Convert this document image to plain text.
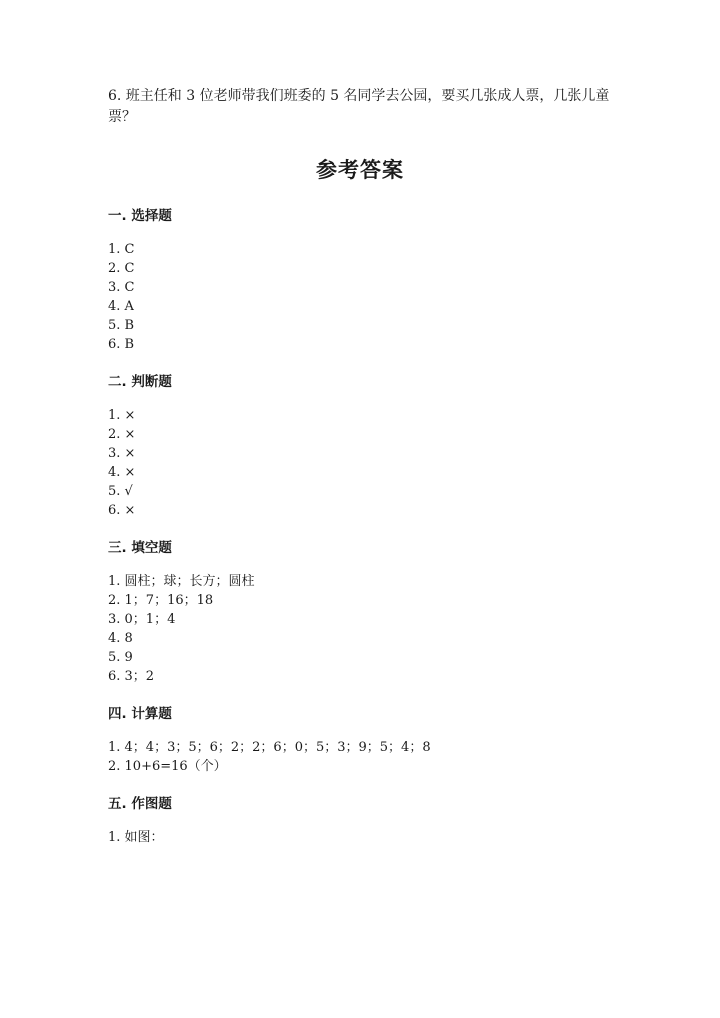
6. 班主任和 3 位老师带我们班委的 5 名同学去公园，要买几张成人票，几张儿童票？

参考答案
一. 选择题
1. C
2. C
3. C
4. A
5. B
6. B
二. 判断题
1. ×
2. ×
3. ×
4. ×
5. √
6. ×
三. 填空题
1. 圆柱；球；长方；圆柱
2. 1；7；16；18
3. 0；1；4
4. 8
5. 9
6. 3；2
四. 计算题
1. 4；4；3；5；6；2；2；6；0；5；3；9；5；4；8
2. 10+6=16（个）
五. 作图题
1. 如图：
